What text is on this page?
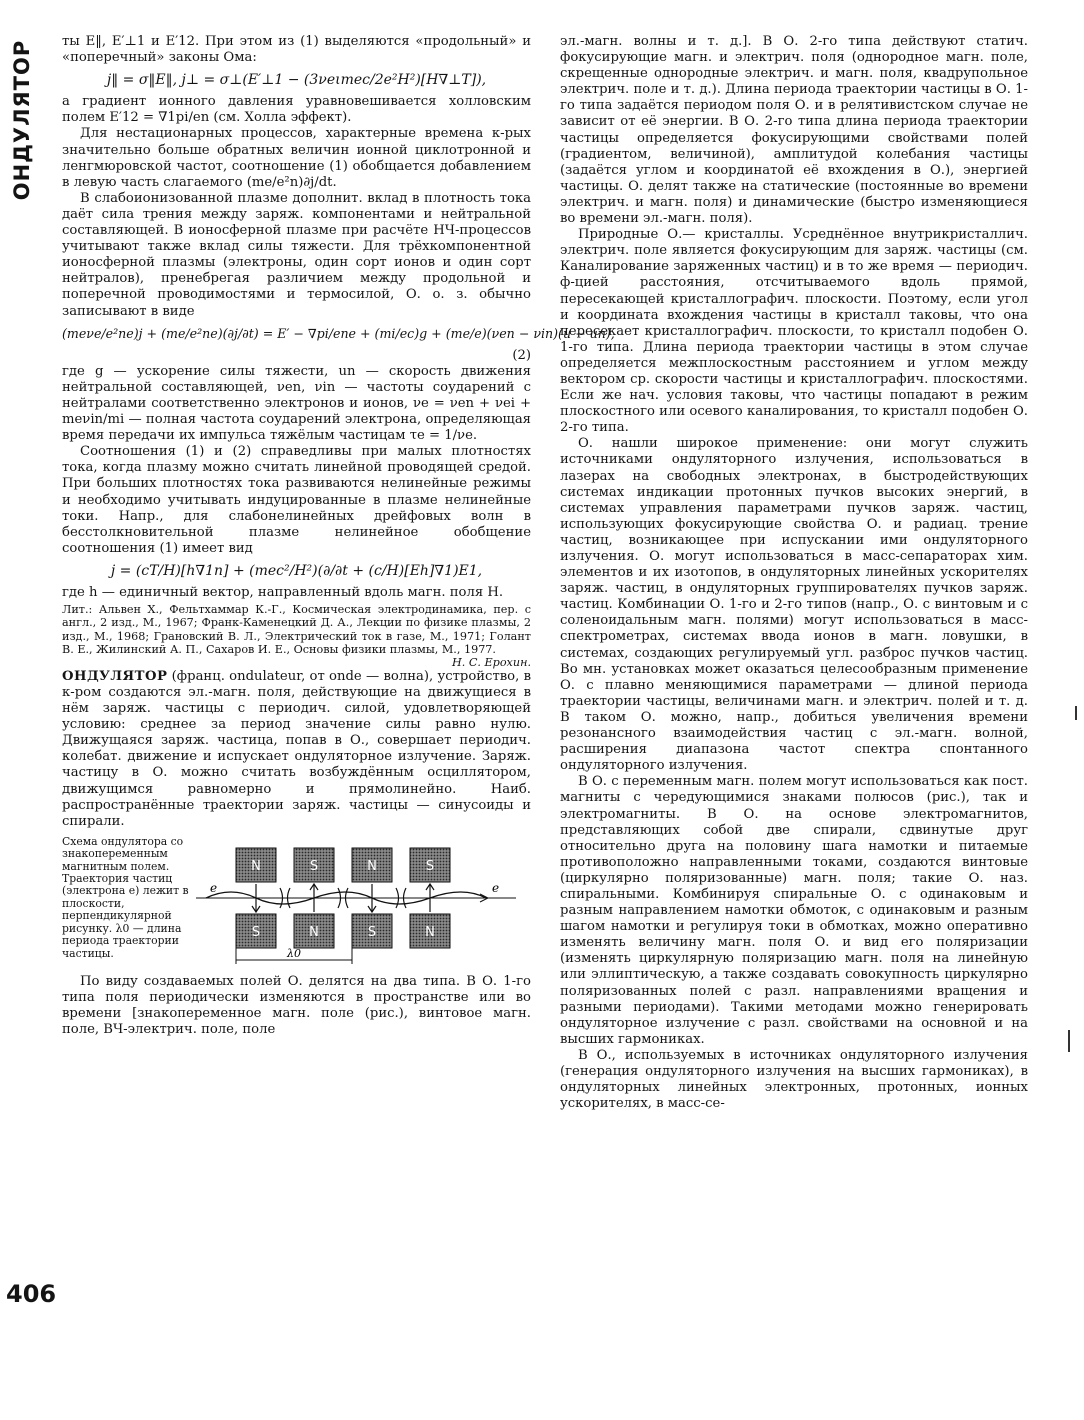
ОНДУЛЯТОР
406

ты E‖, E′⊥1 и E′12. При этом из (1) выделяются «продольный» и «поперечный» законы Ома:

j‖ = σ‖E‖, j⊥ = σ⊥(E′⊥1 − (3νeιmec/2e²H²)[H∇⊥T]),

а градиент ионного давления уравновешивается холловским полем E′12 = ∇1pi/en (см. Холла эффект).

Для нестационарных процессов, характерные времена к-рых значительно больше обратных величин ионной циклотронной и ленгмюровской частот, соотношение (1) обобщается добавлением в левую часть слагаемого (me/e²n)∂j/dt.

В слабоионизованной плазме дополнит. вклад в плотность тока даёт сила трения между заряж. компонентами и нейтральной составляющей. В ионосферной плазме при расчёте НЧ-процессов учитывают также вклад силы тяжести. Для трёхкомпонентной ионосферной плазмы (электроны, один сорт ионов и один сорт нейтралов), пренебрегая различием между продольной и поперечной проводимостями и термосилой, О. о. з. обычно записывают в виде

(meνe/e²ne)j + (me/e²ne)(∂j/∂t) = E′ − ∇pi/ene + (mi/ec)g + (me/e)(νen − νin)(u − un),
(2)

где g — ускорение силы тяжести, un — скорость движения нейтральной составляющей, νen, νin — частоты соударений с нейтралами соответственно электронов и ионов, νe = νen + νei + meνin/mi — полная частота соударений электрона, определяющая время передачи их импульса тяжёлым частицам τe = 1/νe.

Соотношения (1) и (2) справедливы при малых плотностях тока, когда плазму можно считать линейной проводящей средой. При больших плотностях тока развиваются нелинейные режимы и необходимо учитывать индуцированные в плазме нелинейные токи. Напр., для слабонелинейных дрейфовых волн в бесстолкновительной плазме нелинейное обобщение соотношения (1) имеет вид

j = (cT/H)[h∇1n] + (mec²/H²)(∂/∂t + (c/H)[Eh]∇1)E1,

где h — единичный вектор, направленный вдоль магн. поля H.

Лит.: Альвен Х., Фельтхаммар К.-Г., Космическая электродинамика, пер. с англ., 2 изд., М., 1967; Франк-Каменецкий Д. А., Лекции по физике плазмы, 2 изд., М., 1968; Грановский В. Л., Электрический ток в газе, М., 1971; Голант В. Е., Жилинский А. П., Сахаров И. Е., Основы физики плазмы, М., 1977.
Н. С. Ерохин.

ОНДУЛЯТОР (франц. ondulateur, от onde — волна), устройство, в к-ром создаются эл.-магн. поля, действующие на движущиеся в нём заряж. частицы с периодич. силой, удовлетворяющей условию: среднее за период значение силы равно нулю. Движущаяся заряж. частица, попав в О., совершает периодич. колебат. движение и испускает ондуляторное излучение. Заряж. частицу в О. можно считать возбуждённым осциллятором, движущимся равномерно и прямолинейно. Наиб. распространённые траектории заряж. частицы — синусоиды и спирали.

Схема ондулятора со знакопеременным магнитным полем. Траектория частиц (электрона e) лежит в плоскости, перпендикулярной рисунку. λ0 — длина периода траектории частицы.
N	S	N	S
S	N	S	N
e	e
λ0

По виду создаваемых полей О. делятся на два типа. В О. 1-го типа поля периодически изменяются в пространстве или во времени [знакопеременное магн. поле (рис.), винтовое магн. поле, ВЧ-электрич. поле, поле

эл.-магн. волны и т. д.]. В О. 2-го типа действуют статич. фокусирующие магн. и электрич. поля (однородное магн. поле, скрещенные однородные электрич. и магн. поля, квадрупольное электрич. поле и т. д.). Длина периода траектории частицы в О. 1-го типа задаётся периодом поля О. и в релятивистском случае не зависит от её энергии. В О. 2-го типа длина периода траектории частицы определяется фокусирующими свойствами полей (градиентом, величиной), амплитудой колебания частицы (задаётся углом и координатой её вхождения в О.), энергией частицы. О. делят также на статические (постоянные во времени электрич. и магн. поля) и динамические (быстро изменяющиеся во времени эл.-магн. поля).

Природные О.— кристаллы. Усреднённое внутрикристаллич. электрич. поле является фокусирующим для заряж. частицы (см. Каналирование заряженных частиц) и в то же время — периодич. ф-цией расстояния, отсчитываемого вдоль прямой, пересекающей кристаллографич. плоскости. Поэтому, если угол и координата вхождения частицы в кристалл таковы, что она пересекает кристаллографич. плоскости, то кристалл подобен О. 1-го типа. Длина периода траектории частицы в этом случае определяется межплоскостным расстоянием и углом между вектором ср. скорости частицы и кристаллографич. плоскостями. Если же нач. условия таковы, что частицы попадают в режим плоскостного или осевого каналирования, то кристалл подобен О. 2-го типа.

О. нашли широкое применение: они могут служить источниками ондуляторного излучения, использоваться в лазерах на свободных электронах, в быстродействующих системах индикации протонных пучков высоких энергий, в системах управления параметрами пучков заряж. частиц, использующих фокусирующие свойства О. и радиац. трение частиц, возникающее при испускании ими ондуляторного излучения. О. могут использоваться в масс-сепараторах хим. элементов и их изотопов, в ондуляторных линейных ускорителях заряж. частиц, в ондуляторных группирователях пучков заряж. частиц. Комбинации О. 1-го и 2-го типов (напр., О. с винтовым и с соленоидальным магн. полями) могут использоваться в масс-спектрометрах, системах ввода ионов в магн. ловушки, в системах, создающих регулируемый угл. разброс пучков частиц. Во мн. установках может оказаться целесообразным применение О. с плавно меняющимися параметрами — длиной периода траектории частицы, величинами магн. и электрич. полей и т. д. В таком О. можно, напр., добиться увеличения времени резонансного взаимодействия частиц с эл.-магн. волной, расширения диапазона частот спектра спонтанного ондуляторного излучения.

В О. с переменным магн. полем могут использоваться как пост. магниты с чередующимися знаками полюсов (рис.), так и электромагниты. В О. на основе электромагнитов, представляющих собой две спирали, сдвинутые друг относительно друга на половину шага намотки и питаемые противоположно направленными токами, создаются винтовые (циркулярно поляризованные) магн. поля; такие О. наз. спиральными. Комбинируя спиральные О. с одинаковым и разным направлением намотки обмоток, с одинаковым и разным шагом намотки и регулируя токи в обмотках, можно оперативно изменять величину магн. поля О. и вид его поляризации (изменять циркулярную поляризацию магн. поля на линейную или эллиптическую, а также создавать совокупность циркулярно поляризованных полей с разл. направлениями вращения и разными периодами). Такими методами можно генерировать ондуляторное излучение с разл. свойствами на основной и на высших гармониках.

В О., используемых в источниках ондуляторного излучения (генерация ондуляторного излучения на высших гармониках), в ондуляторных линейных электронных, протонных, ионных ускорителях, в масс-се-
